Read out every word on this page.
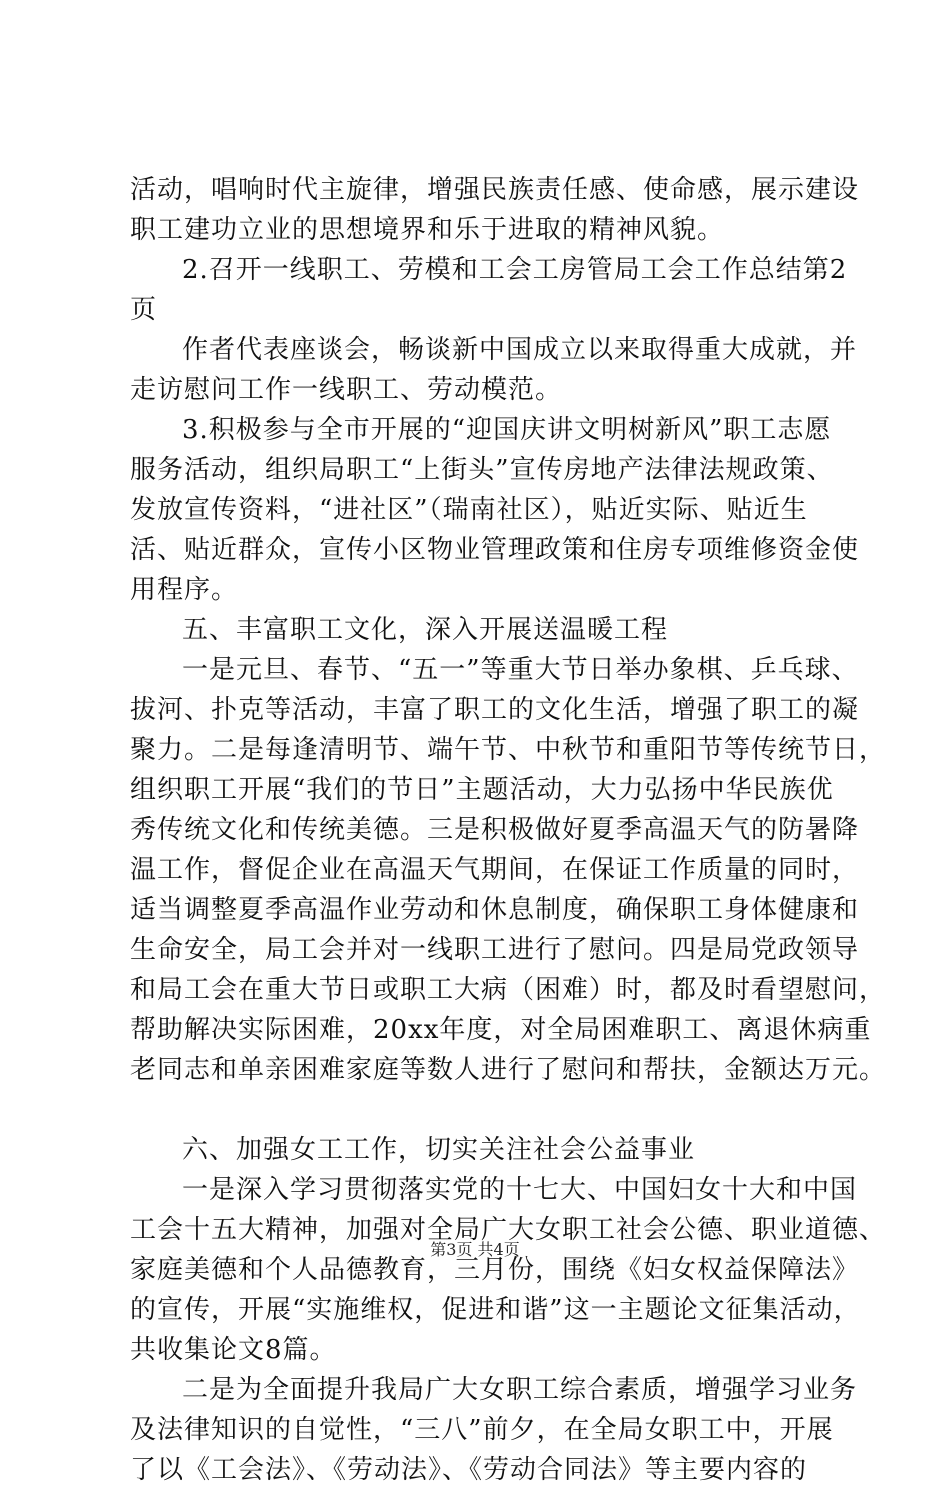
活动，唱响时代主旋律，增强民族责任感、使命感，展示建设
职工建功立业的思想境界和乐于进取的精神风貌。
2.召开一线职工、劳模和工会工房管局工会工作总结第2
页
作者代表座谈会，畅谈新中国成立以来取得重大成就，并
走访慰问工作一线职工、劳动模范。
3.积极参与全市开展的“迎国庆讲文明树新风”职工志愿
服务活动，组织局职工“上街头”宣传房地产法律法规政策、
发放宣传资料，“进社区”（瑞南社区），贴近实际、贴近生
活、贴近群众，宣传小区物业管理政策和住房专项维修资金使
用程序。
五、丰富职工文化，深入开展送温暖工程
一是元旦、春节、“五一”等重大节日举办象棋、乒乓球、
拔河、扑克等活动，丰富了职工的文化生活，增强了职工的凝
聚力。二是每逢清明节、端午节、中秋节和重阳节等传统节日，
组织职工开展“我们的节日”主题活动，大力弘扬中华民族优
秀传统文化和传统美德。三是积极做好夏季高温天气的防暑降
温工作，督促企业在高温天气期间，在保证工作质量的同时，
适当调整夏季高温作业劳动和休息制度，确保职工身体健康和
生命安全，局工会并对一线职工进行了慰问。四是局党政领导
和局工会在重大节日或职工大病（困难）时，都及时看望慰问，
帮助解决实际困难，20xx年度，对全局困难职工、离退休病重
老同志和单亲困难家庭等数人进行了慰问和帮扶，金额达万元。
六、加强女工工作，切实关注社会公益事业
一是深入学习贯彻落实党的十七大、中国妇女十大和中国
工会十五大精神，加强对全局广大女职工社会公德、职业道德、
家庭美德和个人品德教育，三月份，围绕《妇女权益保障法》
的宣传，开展“实施维权，促进和谐”这一主题论文征集活动，
共收集论文8篇。
二是为全面提升我局广大女职工综合素质，增强学习业务
及法律知识的自觉性，“三八”前夕，在全局女职工中，开展
了以《工会法》、《劳动法》、《劳动合同法》等主要内容的
第3页 共4页
